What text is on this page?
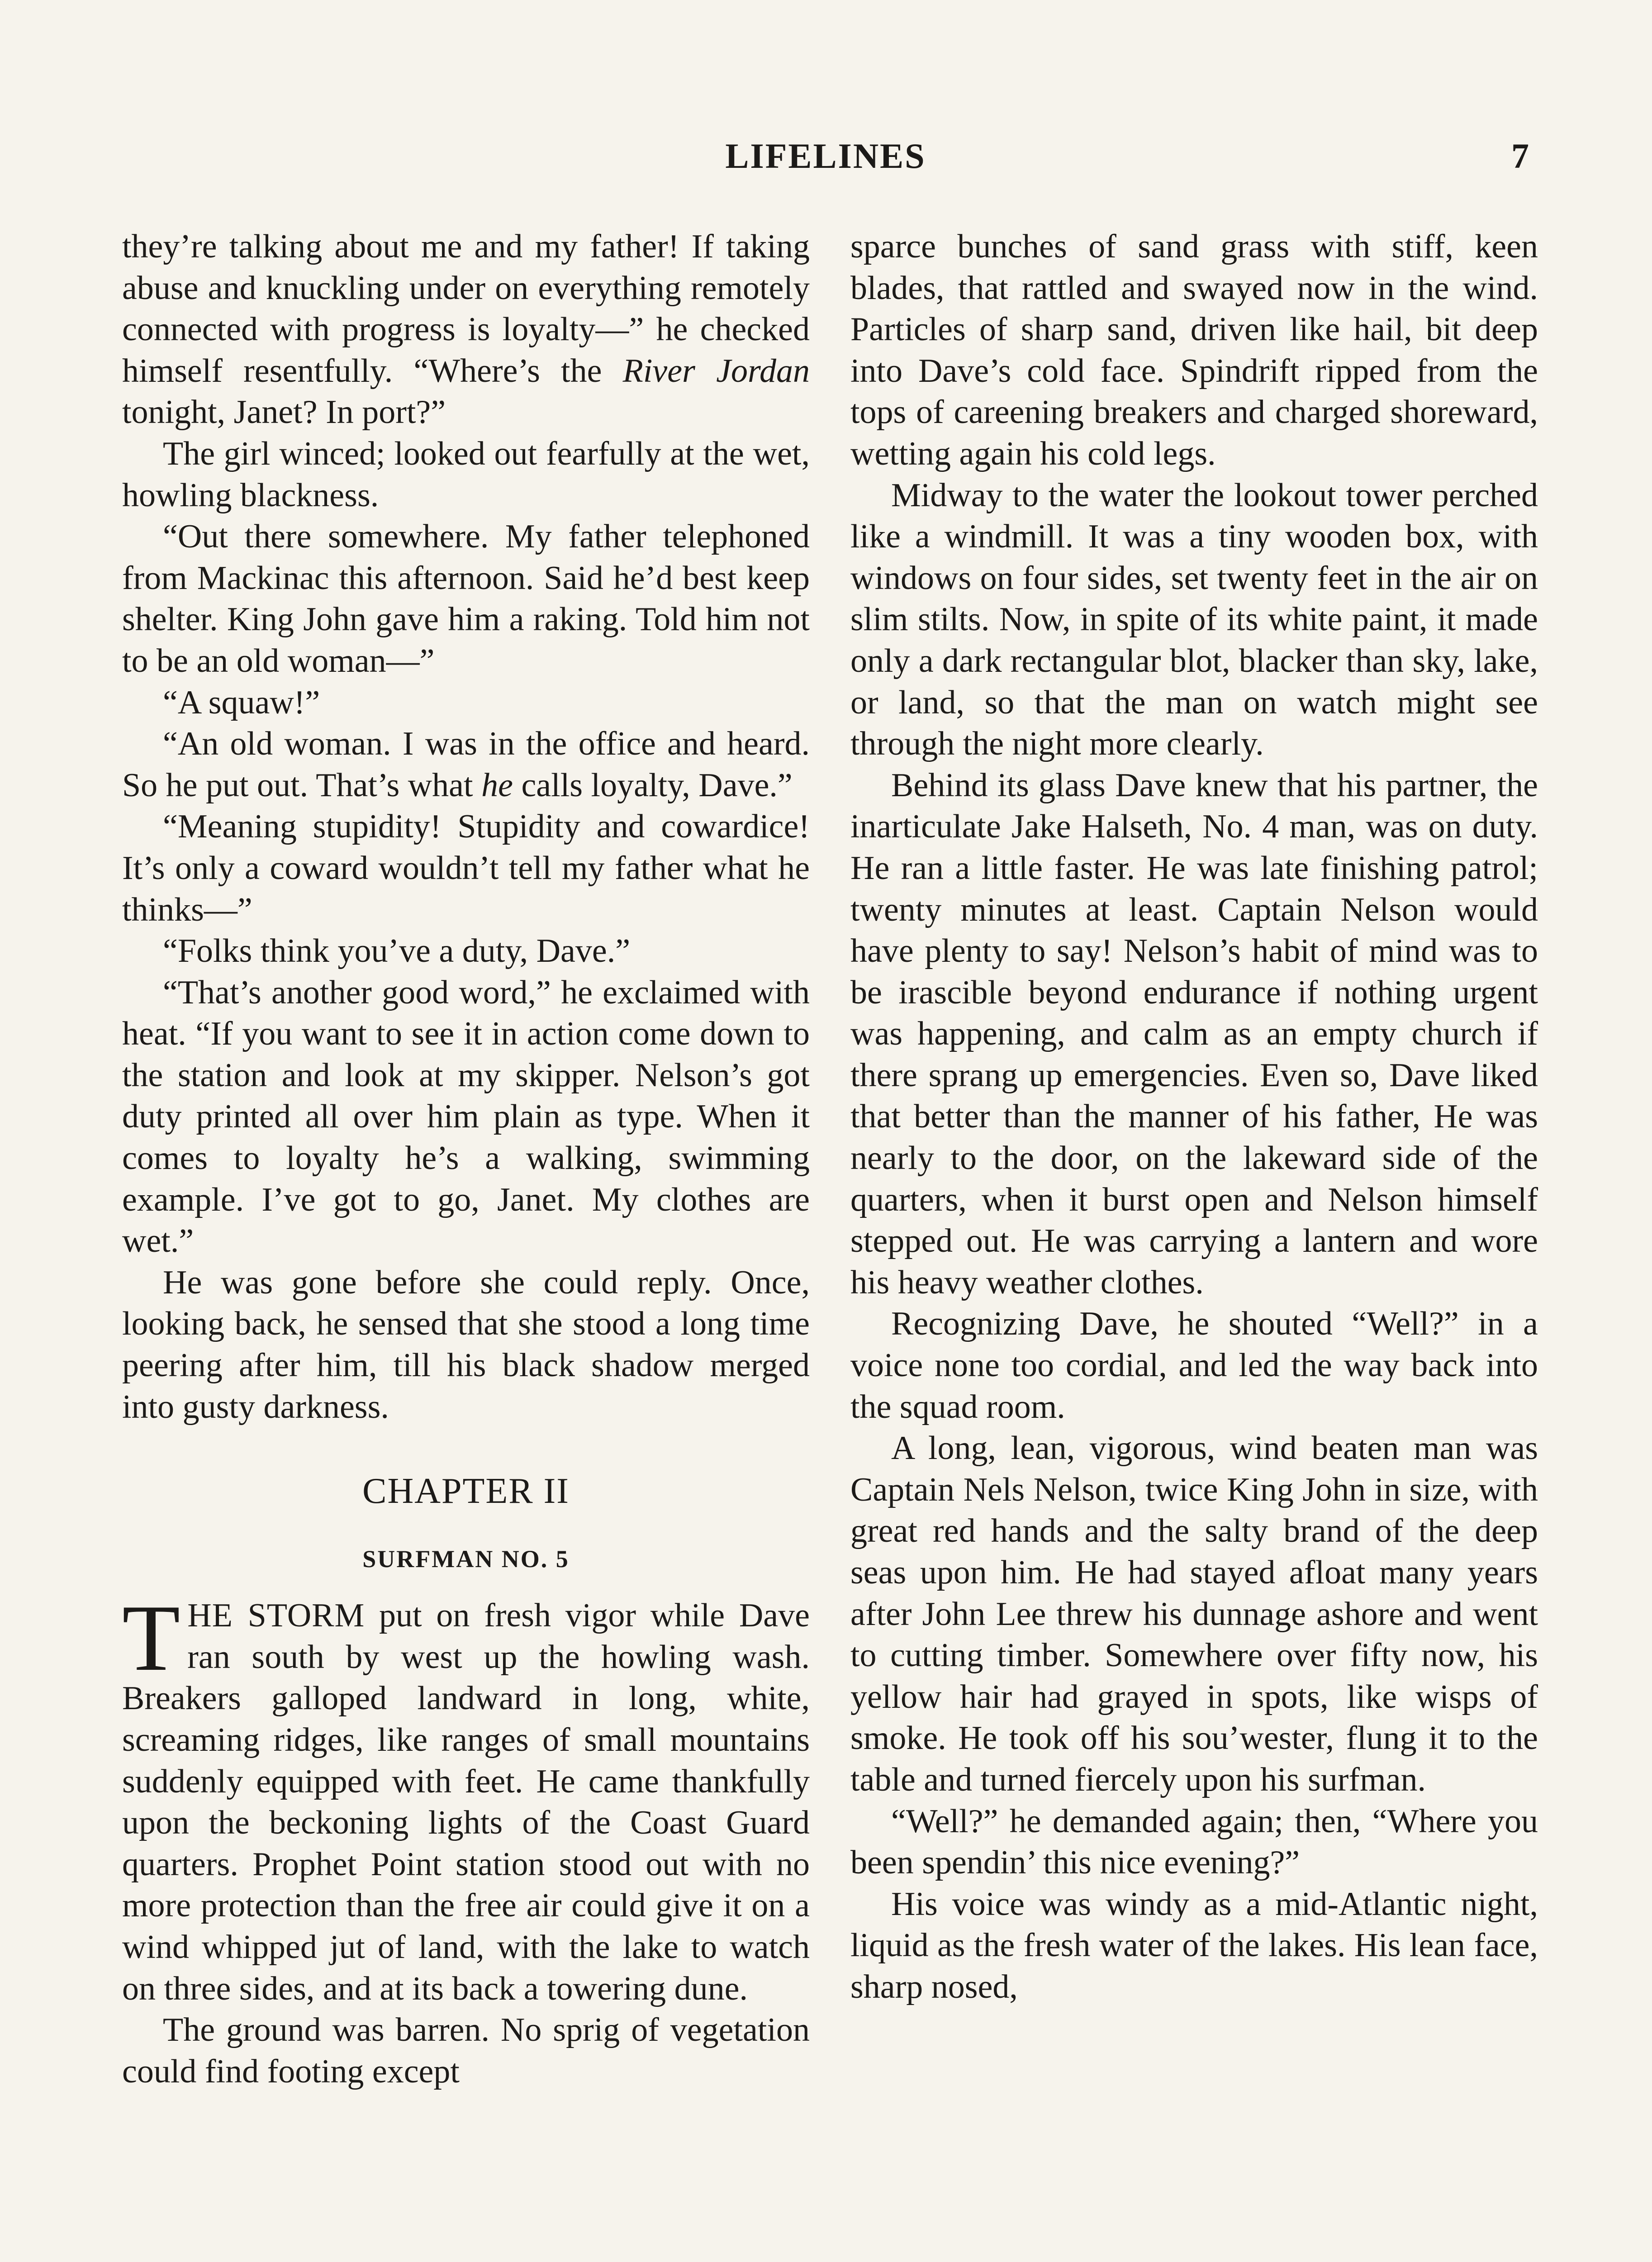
LIFELINES	7

they’re talking about me and my father! If taking abuse and knuckling under on everything remotely connected with progress is loyalty—” he checked himself resentfully. “Where’s the River Jordan tonight, Janet? In port?”

The girl winced; looked out fearfully at the wet, howling blackness.

“Out there somewhere. My father telephoned from Mackinac this afternoon. Said he’d best keep shelter. King John gave him a raking. Told him not to be an old woman—”

“A squaw!”

“An old woman. I was in the office and heard. So he put out. That’s what he calls loyalty, Dave.”

“Meaning stupidity! Stupidity and cowardice! It’s only a coward wouldn’t tell my father what he thinks—”

“Folks think you’ve a duty, Dave.”

“That’s another good word,” he exclaimed with heat. “If you want to see it in action come down to the station and look at my skipper. Nelson’s got duty printed all over him plain as type. When it comes to loyalty he’s a walking, swimming example. I’ve got to go, Janet. My clothes are wet.”

He was gone before she could reply. Once, looking back, he sensed that she stood a long time peering after him, till his black shadow merged into gusty darkness.

CHAPTER II
SURFMAN NO. 5

THE STORM put on fresh vigor while Dave ran south by west up the howling wash. Breakers galloped landward in long, white, screaming ridges, like ranges of small mountains suddenly equipped with feet. He came thankfully upon the beckoning lights of the Coast Guard quarters. Prophet Point station stood out with no more protection than the free air could give it on a wind whipped jut of land, with the lake to watch on three sides, and at its back a towering dune.

The ground was barren. No sprig of vegetation could find footing except

sparce bunches of sand grass with stiff, keen blades, that rattled and swayed now in the wind. Particles of sharp sand, driven like hail, bit deep into Dave’s cold face. Spindrift ripped from the tops of careening breakers and charged shoreward, wetting again his cold legs.

Midway to the water the lookout tower perched like a windmill. It was a tiny wooden box, with windows on four sides, set twenty feet in the air on slim stilts. Now, in spite of its white paint, it made only a dark rectangular blot, blacker than sky, lake, or land, so that the man on watch might see through the night more clearly.

Behind its glass Dave knew that his partner, the inarticulate Jake Halseth, No. 4 man, was on duty. He ran a little faster. He was late finishing patrol; twenty minutes at least. Captain Nelson would have plenty to say! Nelson’s habit of mind was to be irascible beyond endurance if nothing urgent was happening, and calm as an empty church if there sprang up emergencies. Even so, Dave liked that better than the manner of his father, He was nearly to the door, on the lakeward side of the quarters, when it burst open and Nelson himself stepped out. He was carrying a lantern and wore his heavy weather clothes.

Recognizing Dave, he shouted “Well?” in a voice none too cordial, and led the way back into the squad room.

A long, lean, vigorous, wind beaten man was Captain Nels Nelson, twice King John in size, with great red hands and the salty brand of the deep seas upon him. He had stayed afloat many years after John Lee threw his dunnage ashore and went to cutting timber. Somewhere over fifty now, his yellow hair had grayed in spots, like wisps of smoke. He took off his sou’wester, flung it to the table and turned fiercely upon his surfman.

“Well?” he demanded again; then, “Where you been spendin’ this nice evening?”

His voice was windy as a mid-Atlantic night, liquid as the fresh water of the lakes. His lean face, sharp nosed,
